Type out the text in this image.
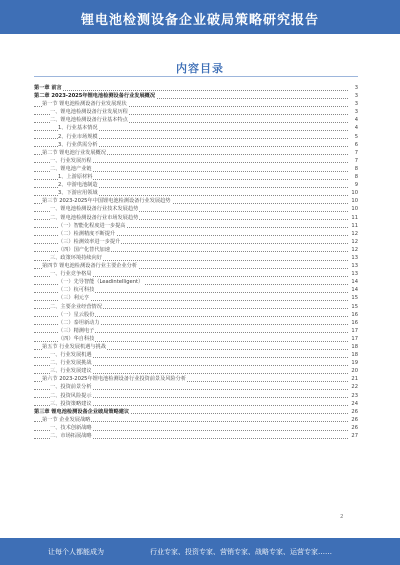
锂电池检测设备企业破局策略研究报告
内容目录
第一章 前言	3
第二章 2023-2025年锂电池检测设备行业发展概况	3
第一节 锂电池检测设备行业发展现状	3
一、锂电池检测设备行业发展历程	3
二、锂电池检测设备行业基本特点	4
1、行业基本情况	4
2、行业市场规模	5
3、行业供需分析	6
第二节 锂电池行业发展概况	7
一、行业发展历程	7
二、锂电池产业链	8
1、上游原材料	8
2、中游电池制造	9
3、下游应用领域	10
第三节 2023-2025年中国锂电池检测设备行业发展趋势	10
一、锂电池检测设备行业技术发展趋势	10
二、锂电池检测设备行业市场发展趋势	11
（一）智能化程度进一步提高	11
（二）检测精度不断提升	12
（三）检测效率进一步提升	12
（四）国产化替代加速	12
三、政策环境持续向好	13
第四节 锂电池检测设备行业主要企业分析	13
一、行业竞争格局	13
（一）先导智能（Leadintelligent）	14
（二）杭可科技	14
（三）利元亨	15
二、主要企业经营情况	15
（一）星云股份	16
（二）泰坦新动力	16
（三）精测电子	17
（四）华自科技	17
第五节 行业发展机遇与挑战	18
一、行业发展机遇	18
二、行业发展挑战	19
三、行业发展建议	20
第六节 2023-2025年锂电池检测设备行业投资前景及风险分析	21
一、投资前景分析	22
二、投资风险提示	23
三、投资策略建议	24
第三章 锂电池检测设备企业破局策略建议	26
第一节 企业发展战略	26
一、技术创新战略	26
二、市场拓展战略	27
2
让每个人都能成为	行业专家、投资专家、营销专家、战略专家、运营专家……
